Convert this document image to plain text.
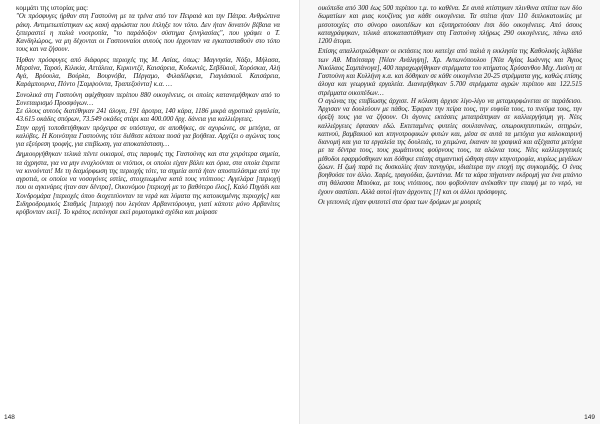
κομμάτι της ιστορίας μας:

"Οι πρόσφυγες ήρθαν στη Γαστούνη με τα τρένα από τον Πειραιά και την Πάτρα. Ανθρώπινα ράκη. Αντιμετωπίστηκαν ως κακή αρρώστια που έπληξε τον τόπο. Δεν ήταν δυνατόν βέβαια να ξεπεραστεί η παλιά νοοτροπία, "το παράδοξον σύστημα ξενηλασίας", που γράφει ο Τ. Κανδηλώρος, να μη δέχονται οι Γαστουναίοι αυτούς που έρχονταν να εγκατασταθούν στο τόπο τους και να ζήσουν.

Ήρθαν πρόσφυγες από διάφορες περιοχές της Μ. Ασίας, όπως: Μαγνησία, Νάξο, Μήλασα, Μερσίνα, Ταρσό, Κιλικία, Αττάλεια, Κιρκιντζέ, Καισάρεια, Κυδωνιές, Σεβδίκιοϊ, Χορόσκια, Αλή Αγά, Βρύουλα, Βούρλα, Βουρνόβα, Πέργαμο, Φιλαδέλφεια, Γιαγιάσκιοϊ. Καισάρεια, Καράμπουρνα, Πόντο [Σαμψούντα, Τραπεζούντα] κ.α. …

Συνολικά στη Γαστούνη αφίχθησαν περίπου 880 οικογένειες, οι οποίες κατανεμήθηκαν από το Συνεταιρισμό Προσφύγων…

Σε όλους αυτούς διατέθηκαν 241 άλογα, 191 άροτρα, 140 κάρα, 1186 μικρά αγροτικά εργαλεία, 43.615 οκάδες σπόρων, 73.549 οκάδες στάρι και 400.000 δρχ. δάνεια για καλλιέργειες.

Στην αρχή τοποθετήθηκαν πρόχειρα σε υπόστεγα, σε αποθήκες, σε αχυρώνες, σε μετόχια, σε καλύβες. Η Κοινότητα Γαστούνης τότε διέθεσε κάποια ποσά για βοήθεια. Αρχίζει ο αγώνας τους για εξεύρεση τροφής, για επιβίωση, για αποκατάσταση…

Δημιουργήθηκαν τελικά πέντε οικισμοί, στις παρυφές της Γαστούνης και στα χειρότερα σημεία, τα άχρηστα, για να μην ενοχλούνται οι ντόπιοι, οι οποίοι είχαν βάλει και όρια, στα οποία έπρεπε να κινούνται! Με τη διαμόρφωση της περιοχής τότε, τα σημεία αυτά ήταν αποσπελάσιμα από την αγροτιά, οι οποίοι να νοσογόνες εστίες, στοιχειωμένα κατά τους ντόπιους: Αγγελάρα [περιοχή που οι αγκινάρες ήταν σαν δέντρα], Οικονόμου [περιοχή με το βαθύτερο έλος], Καλό Πηγάδι και Χονδρομάρα [περιοχές όπου διοχετεύονταν τα νερά και λύματα της κατοικημένης περιοχής] και Σιδηροδρομικός Σταθμός [περιοχή που λεγόταν Αρβανιτόρουγα, γιατί κάποτε μόνο Αρβανίτες κρύβονταν εκεί]. Το κράτος εκπόνησε εκεί ρυμοτομικά σχέδια και μοίρασε

148

οικόπεδα από 300 έως 500 περίπου τ.μ. το καθένα. Σε αυτά κτίστηκαν πλινθινα σπίτια των δύο δωματίων και μιας κουζίνας για κάθε οικογένεια. Τα σπίτια ήταν 110 διπλοκατοικίες με μεσοτοιχίες στο σύνορο οικοπέδων και εξυπηρετούσαν έτσι δύο οικογένειες. Από όσους καταγράφηκαν, τελικά αποκαταστάθηκαν στη Γαστούνη πλήρως 290 οικογένειες, πάνω από 1200 άτομα.

Επίσης απαλλοτριώθηκαν οι εκτάσεις που κατείχε από παλιά η εκκλησία της Καθολικής λιβάδια των Αθ. Μπότσαρη [Νέαν Ανάληψη], Χρ. Αντωνόπουλου [Νέα Αγίας Ιωάννης και Άγιος Νικόλαος Σαμπάνογα], 400 παραχωρήθηκαν στρέμματα του κτήματος Χρύσανθου Μιχ. Λισίνη σε Γαστούνη και Κυλλήνη κ.α. και δόθηκαν σε κάθε οικογένεια 20-25 στρέμματα γης, καθώς επίσης άλογα και γεωργικά εργαλεία. Διανεμήθηκαν 5.700 στρέμματα αγρών περίπου και 122.515 στρέμματα οικοπέδων…

Ο αγώνας της επιβίωσης άρχισε. Η κόλαση άρχισε λίγο-λίγο να μεταμορφώνεται σε παράδεισο. Άρχισαν να δουλεύουν με πάθος. Έφεραν την πείρα τους, την ευφυΐα τους, το πνεύμα τους, την όρεξή τους για να ζήσουν. Οι άγονες εκτάσεις μετατράπηκαν σε καλλιεργήσιμη γη. Νέες καλλιέργειες έφτασαν εδώ. Εκτεταμένες φυτείες σουλτανίνας, οπωροκηπευτικών, σιτηρών, καπνού, βαμβακιού και κτηνοτροφικών φυτών και, μέσα σε αυτά τα μετόχια για καλοκαιρινή διανομή και για τα εργαλεία της δουλειάς, το χειμώνα, έκαναν τα γραφικά και αξέχαστα μετόχια με τα δέντρα τους, τους χωμάτινους φούρνους τους, τα αλώνια τους. Νέες καλλιεργητικές μέθοδοι εφαρμόσθηκαν και δόθηκε επίσης σημαντική ώθηση στην κτηνοτροφία, κυρίως μεγάλων ζώων. Η ζωή παρά τις δυσκολίες ήταν πανηγύρι, ιδιαίτερα την εποχή της συγκομιδής. Ο ένας βοηθούσε τον άλλο. Χαρές, τραγούδια, ζωντάνια. Με τα κάρα πήγαιναν εκδρομή για ένα μπάνιο στη θάλασσα Μπούκα, με τους ντόπιους, που φοβούνταν ανέκαθεν την επαφή με το νερό, να έχουν σαστίσει. Αλλά αυτοί ήταν άρχοντες [!] και οι άλλοι πρόσφυγες.

Οι γειτονιές είχαν φυτευτεί στα όρια των δρόμων με μουριές

149
